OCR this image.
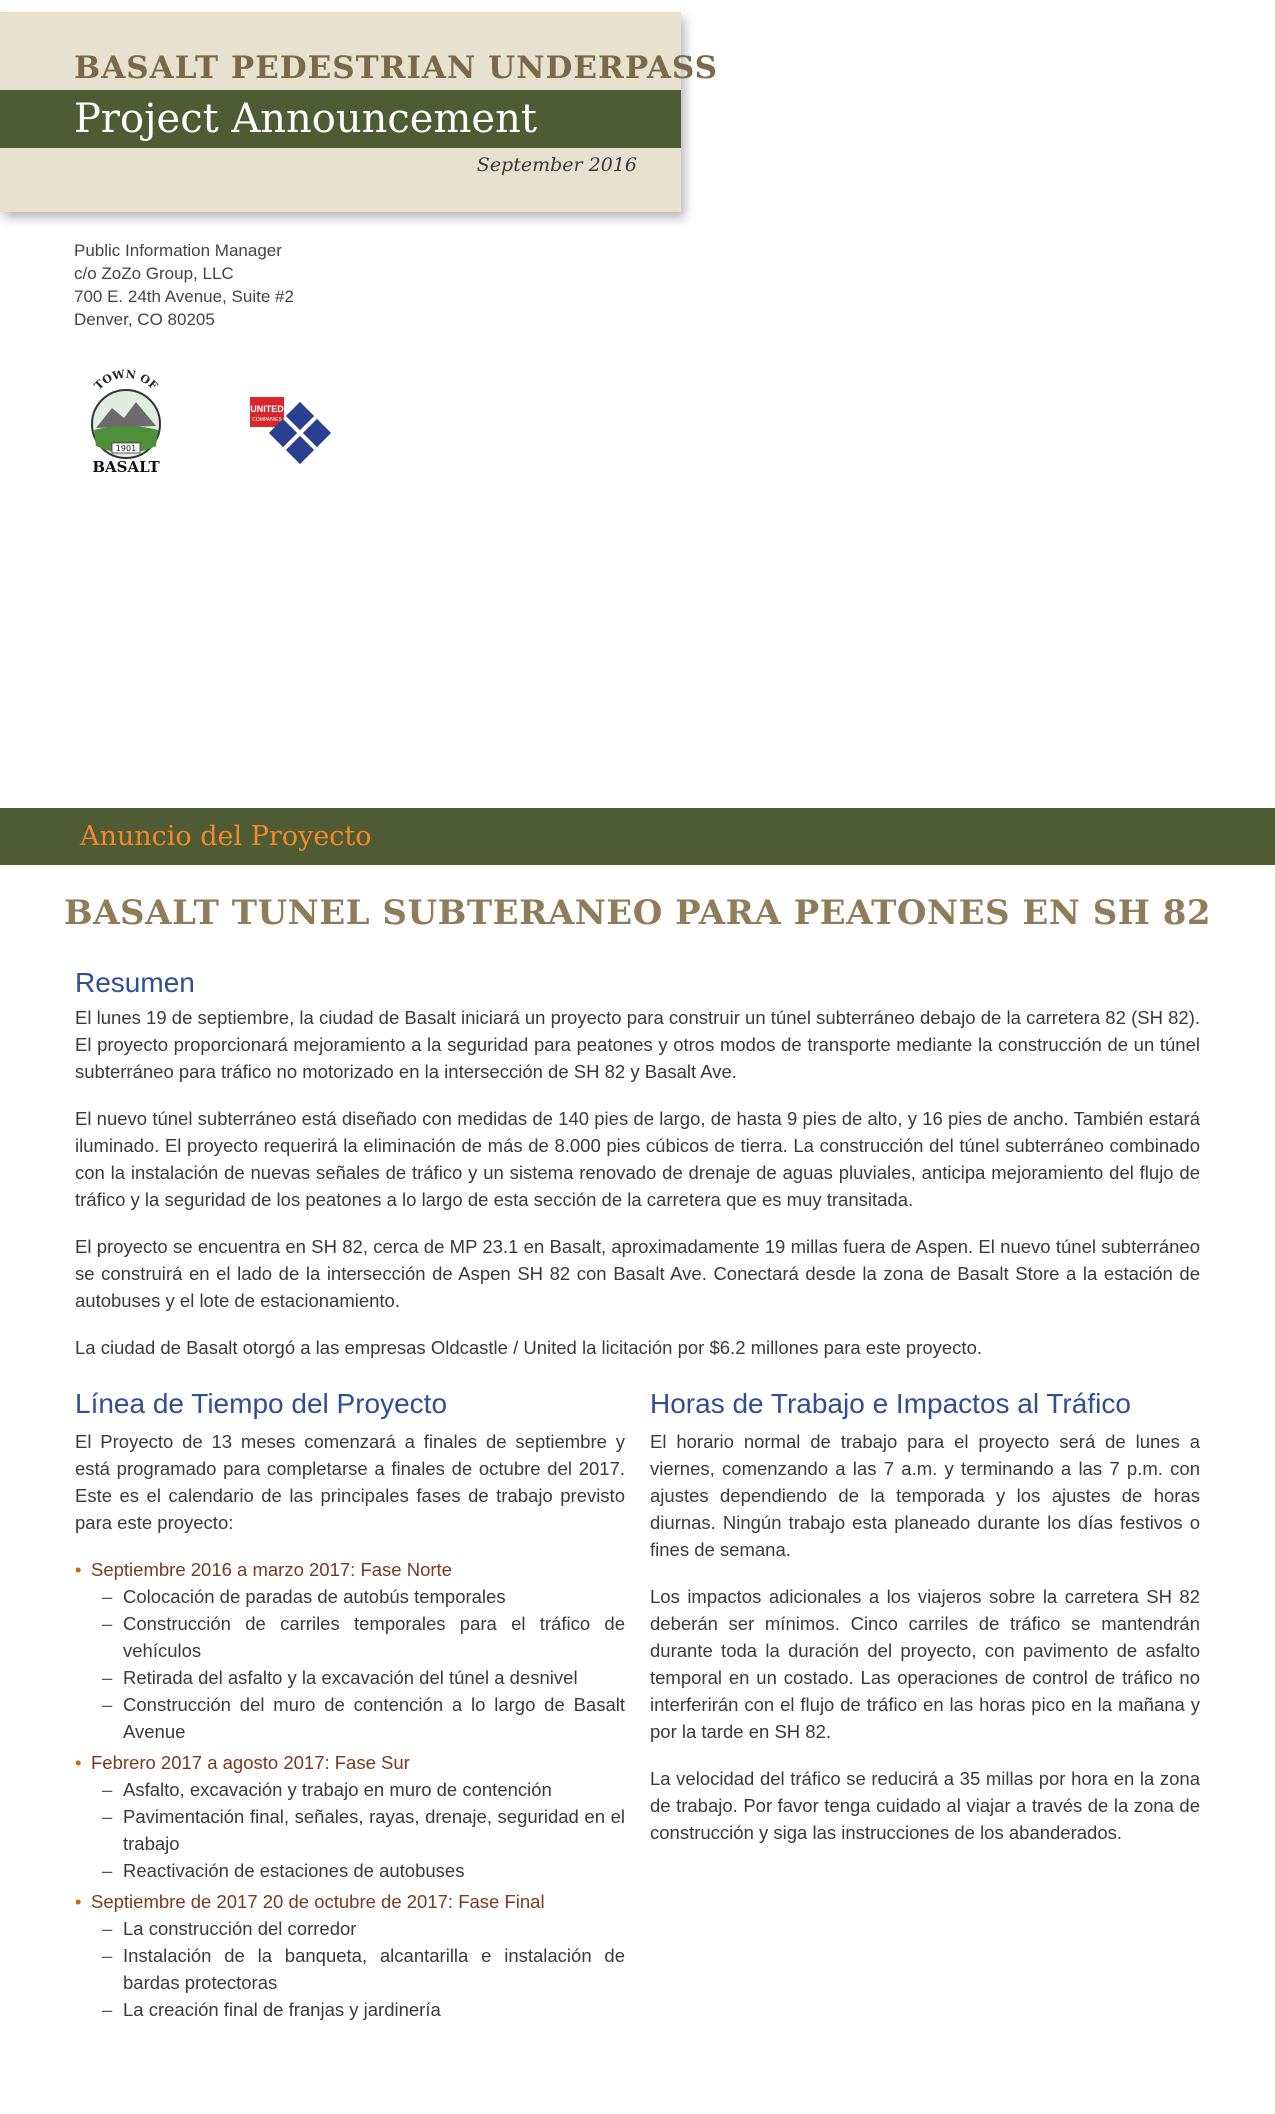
BASALT PEDESTRIAN UNDERPASS
Project Announcement
September 2016
Public Information Manager
c/o ZoZo Group, LLC
700 E. 24th Avenue, Suite #2
Denver, CO 80205
TOWN OF
1901
BASALT
UNITED
COMPANIES
Anuncio del Proyecto
BASALT TUNEL SUBTERANEO PARA PEATONES EN SH 82
Resumen

El lunes 19 de septiembre, la ciudad de Basalt iniciará un proyecto para construir un túnel subterráneo debajo de la carretera 82 (SH 82). El proyecto proporcionará mejoramiento a la seguridad para peatones y otros modos de transporte mediante la construcción de un túnel subterráneo para tráfico no motorizado en la intersección de SH 82 y Basalt Ave.

El nuevo túnel subterráneo está diseñado con medidas de 140 pies de largo, de hasta 9 pies de alto, y 16 pies de ancho. También estará iluminado. El proyecto requerirá la eliminación de más de 8.000 pies cúbicos de tierra. La construcción del túnel subterráneo combinado con la instalación de nuevas señales de tráfico y un sistema renovado de drenaje de aguas pluviales, anticipa mejoramiento del flujo de tráfico y la seguridad de los peatones a lo largo de esta sección de la carretera que es muy transitada.

El proyecto se encuentra en SH 82, cerca de MP 23.1 en Basalt, aproximadamente 19 millas fuera de Aspen. El nuevo túnel subterráneo se construirá en el lado de la intersección de Aspen SH 82 con Basalt Ave. Conectará desde la zona de Basalt Store a la estación de autobuses y el lote de estacionamiento.

La ciudad de Basalt otorgó a las empresas Oldcastle / United la licitación por $6.2 millones para este proyecto.

Línea de Tiempo del Proyecto

El Proyecto de 13 meses comenzará a finales de septiembre y está programado para completarse a finales de octubre del 2017. Este es el calendario de las principales fases de trabajo previsto para este proyecto:

• Septiembre 2016 a marzo 2017: Fase Norte
– Colocación de paradas de autobús temporales
– Construcción de carriles temporales para el tráfico de vehículos
– Retirada del asfalto y la excavación del túnel a desnivel
– Construcción del muro de contención a lo largo de Basalt Avenue
• Febrero 2017 a agosto 2017: Fase Sur
– Asfalto, excavación y trabajo en muro de contención
– Pavimentación final, señales, rayas, drenaje, seguridad en el trabajo
– Reactivación de estaciones de autobuses
• Septiembre de 2017 20 de octubre de 2017: Fase Final
– La construcción del corredor
– Instalación de la banqueta, alcantarilla e instalación de bardas protectoras
– La creación final de franjas y jardinería
Horas de Trabajo e Impactos al Tráfico

El horario normal de trabajo para el proyecto será de lunes a viernes, comenzando a las 7 a.m. y terminando a las 7 p.m. con ajustes dependiendo de la temporada y los ajustes de horas diurnas. Ningún trabajo esta planeado durante los días festivos o fines de semana.

Los impactos adicionales a los viajeros sobre la carretera SH 82 deberán ser mínimos. Cinco carriles de tráfico se mantendrán durante toda la duración del proyecto, con pavimento de asfalto temporal en un costado. Las operaciones de control de tráfico no interferirán con el flujo de tráfico en las horas pico en la mañana y por la tarde en SH 82.

La velocidad del tráfico se reducirá a 35 millas por hora en la zona de trabajo. Por favor tenga cuidado al viajar a través de la zona de construcción y siga las instrucciones de los abanderados.
